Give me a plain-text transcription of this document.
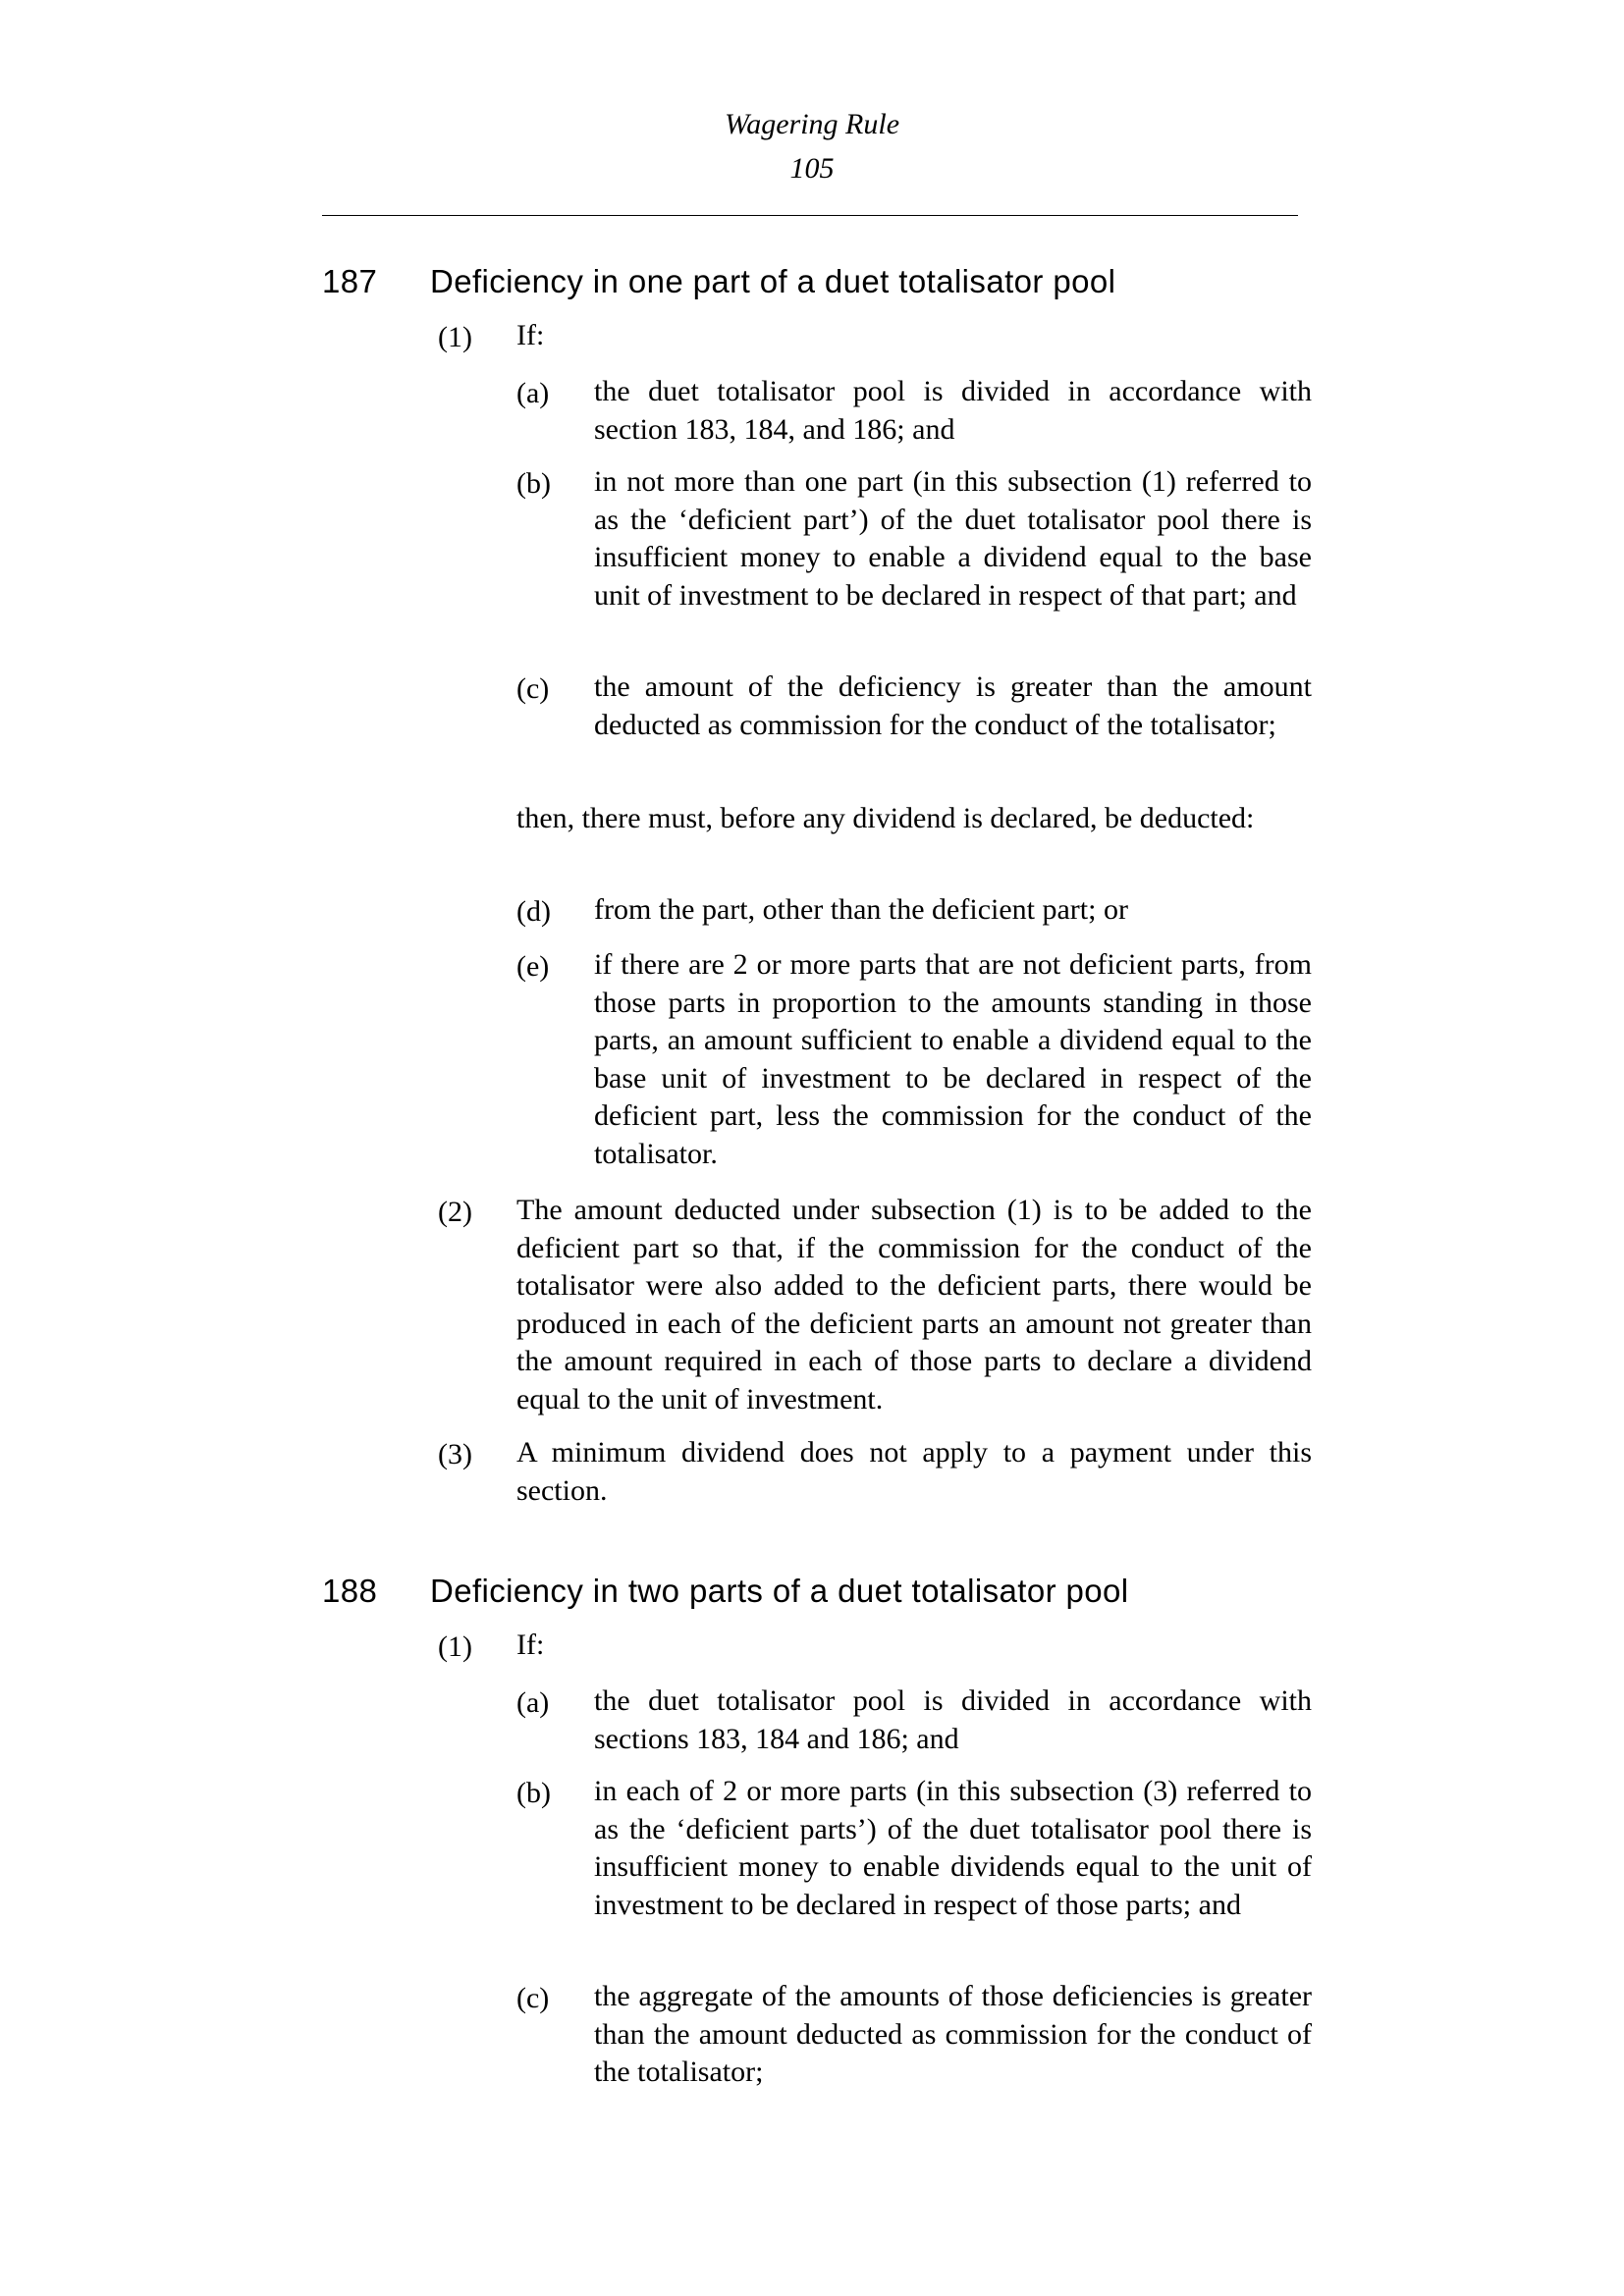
Wagering Rule
105
187 Deficiency in one part of a duet totalisator pool
(1) If:
(a) the duet totalisator pool is divided in accordance with section 183, 184, and 186; and
(b) in not more than one part (in this subsection (1) referred to as the ‘deficient part’) of the duet totalisator pool there is insufficient money to enable a dividend equal to the base unit of investment to be declared in respect of that part; and
(c) the amount of the deficiency is greater than the amount deducted as commission for the conduct of the totalisator;
then, there must, before any dividend is declared, be deducted:
(d) from the part, other than the deficient part; or
(e) if there are 2 or more parts that are not deficient parts, from those parts in proportion to the amounts standing in those parts, an amount sufficient to enable a dividend equal to the base unit of investment to be declared in respect of the deficient part, less the commission for the conduct of the totalisator.
(2) The amount deducted under subsection (1) is to be added to the deficient part so that, if the commission for the conduct of the totalisator were also added to the deficient parts, there would be produced in each of the deficient parts an amount not greater than the amount required in each of those parts to declare a dividend equal to the unit of investment.
(3) A minimum dividend does not apply to a payment under this section.
188 Deficiency in two parts of a duet totalisator pool
(1) If:
(a) the duet totalisator pool is divided in accordance with sections 183, 184 and 186; and
(b) in each of 2 or more parts (in this subsection (3) referred to as the ‘deficient parts’) of the duet totalisator pool there is insufficient money to enable dividends equal to the unit of investment to be declared in respect of those parts; and
(c) the aggregate of the amounts of those deficiencies is greater than the amount deducted as commission for the conduct of the totalisator;
